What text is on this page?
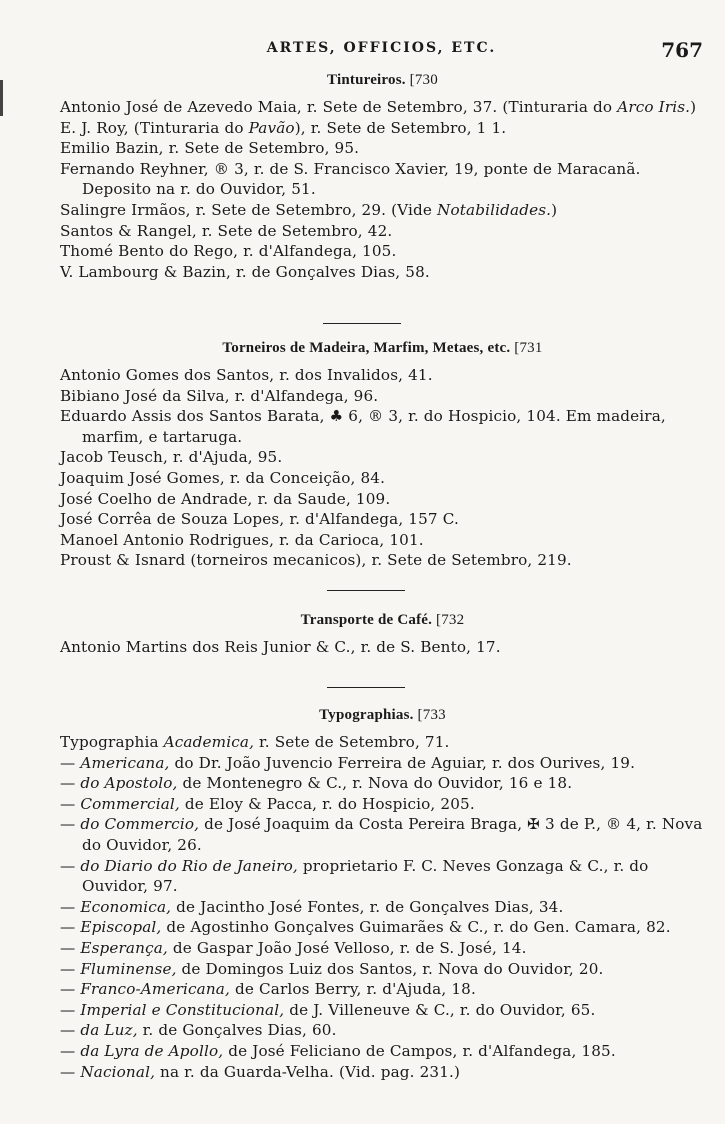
ARTES, OFFICIOS, ETC.	767
Tintureiros. [730
Antonio José de Azevedo Maia, r. Sete de Setembro, 37. (Tinturaria do Arco Iris.)
E. J. Roy, (Tinturaria do Pavão), r. Sete de Setembro, 1 1.
Emilio Bazin, r. Sete de Setembro, 95.
Fernando Reyhner, ® 3, r. de S. Francisco Xavier, 19, ponte de Maracanã. Deposito na r. do Ouvidor, 51.
Salingre Irmãos, r. Sete de Setembro, 29. (Vide Notabilidades.)
Santos & Rangel, r. Sete de Setembro, 42.
Thomé Bento do Rego, r. d'Alfandega, 105.
V. Lambourg & Bazin, r. de Gonçalves Dias, 58.
Torneiros de Madeira, Marfim, Metaes, etc. [731
Antonio Gomes dos Santos, r. dos Invalidos, 41.
Bibiano José da Silva, r. d'Alfandega, 96.
Eduardo Assis dos Santos Barata, ♣ 6, ® 3, r. do Hospicio, 104. Em madeira, marfim, e tartaruga.
Jacob Teusch, r. d'Ajuda, 95.
Joaquim José Gomes, r. da Conceição, 84.
José Coelho de Andrade, r. da Saude, 109.
José Corrêa de Souza Lopes, r. d'Alfandega, 157 C.
Manoel Antonio Rodrigues, r. da Carioca, 101.
Proust & Isnard (torneiros mecanicos), r. Sete de Setembro, 219.
Transporte de Café. [732
Antonio Martins dos Reis Junior & C., r. de S. Bento, 17.
Typographias. [733
Typographia Academica, r. Sete de Setembro, 71.
— Americana, do Dr. João Juvencio Ferreira de Aguiar, r. dos Ourives, 19.
— do Apostolo, de Montenegro & C., r. Nova do Ouvidor, 16 e 18.
— Commercial, de Eloy & Pacca, r. do Hospicio, 205.
— do Commercio, de José Joaquim da Costa Pereira Braga, ✠ 3 de P., ® 4, r. Nova do Ouvidor, 26.
— do Diario do Rio de Janeiro, proprietario F. C. Neves Gonzaga & C., r. do Ouvidor, 97.
— Economica, de Jacintho José Fontes, r. de Gonçalves Dias, 34.
— Episcopal, de Agostinho Gonçalves Guimarães & C., r. do Gen. Camara, 82.
— Esperança, de Gaspar João José Velloso, r. de S. José, 14.
— Fluminense, de Domingos Luiz dos Santos, r. Nova do Ouvidor, 20.
— Franco-Americana, de Carlos Berry, r. d'Ajuda, 18.
— Imperial e Constitucional, de J. Villeneuve & C., r. do Ouvidor, 65.
— da Luz, r. de Gonçalves Dias, 60.
— da Lyra de Apollo, de José Feliciano de Campos, r. d'Alfandega, 185.
— Nacional, na r. da Guarda-Velha. (Vid. pag. 231.)
